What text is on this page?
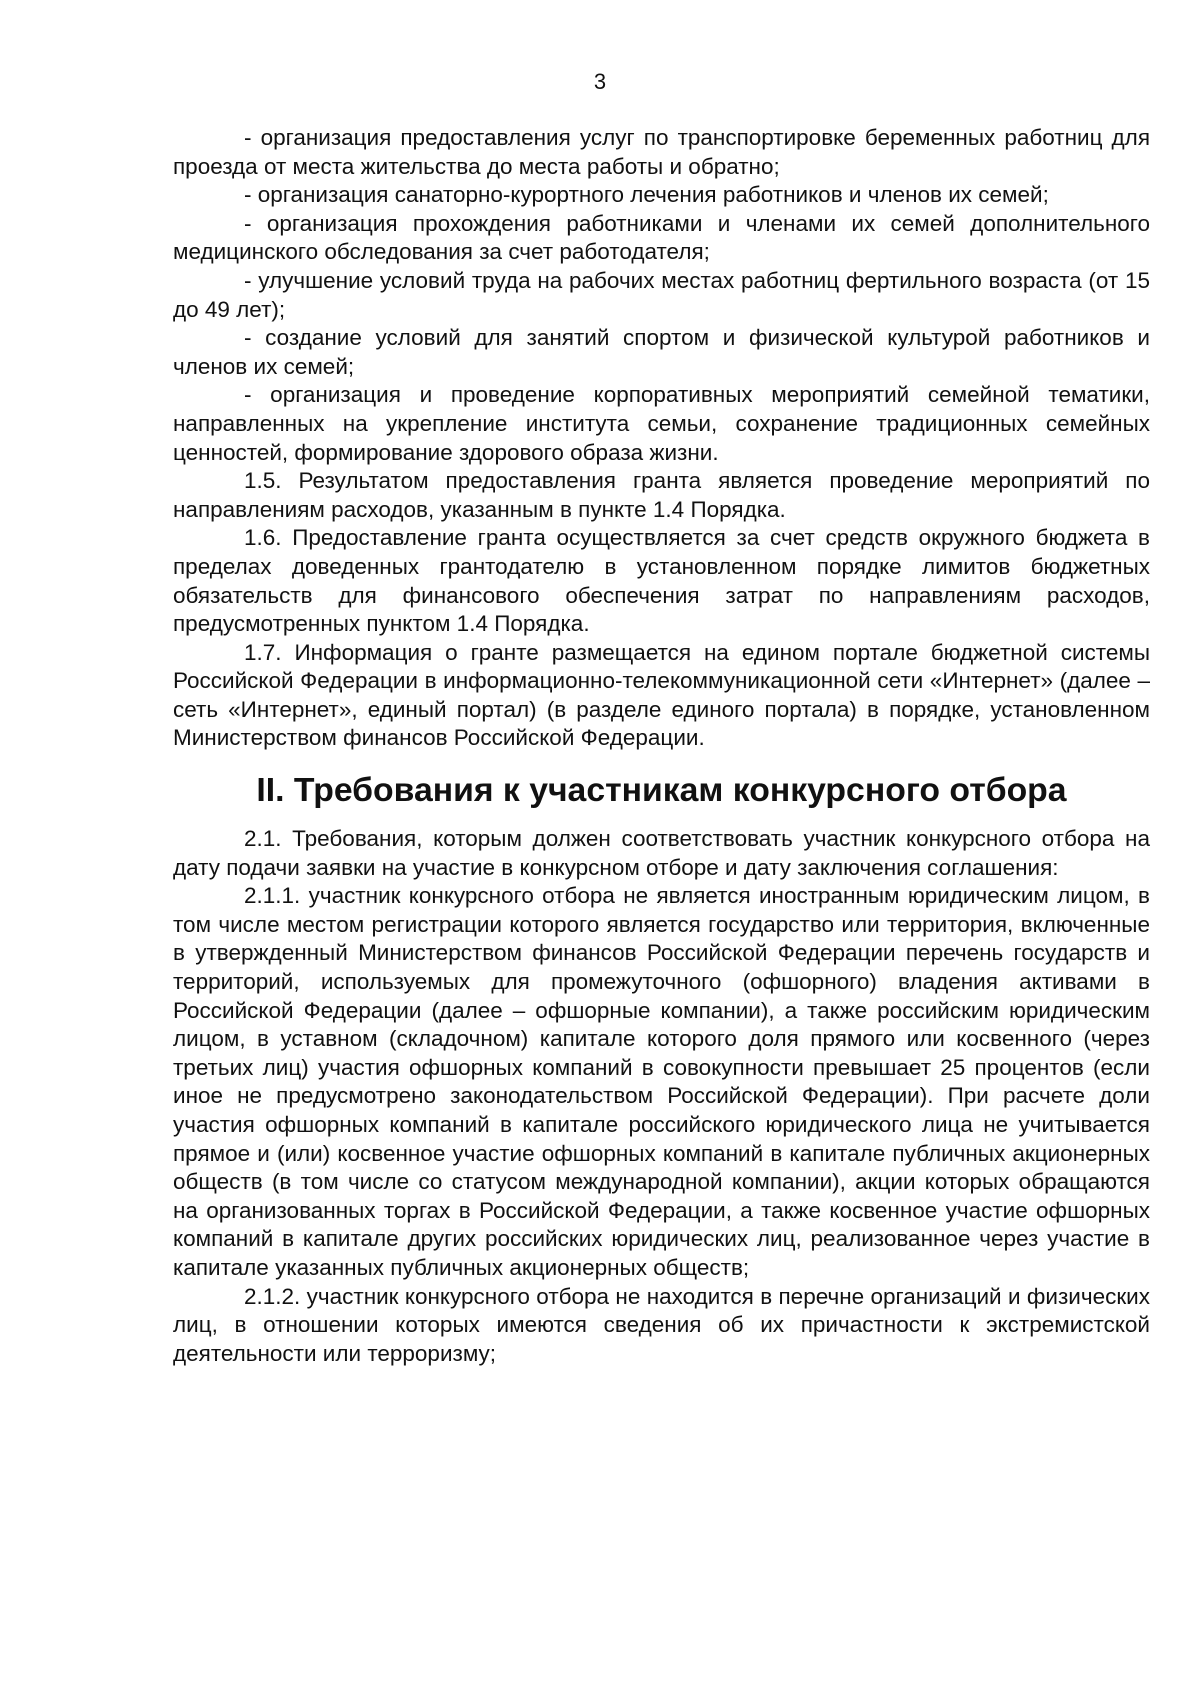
3

- организация предоставления услуг по транспортировке беременных работниц для проезда от места жительства до места работы и обратно;

- организация санаторно-курортного лечения работников и членов их семей;

- организация прохождения работниками и членами их семей дополнительного медицинского обследования за счет работодателя;

- улучшение условий труда на рабочих местах работниц фертильного возраста (от 15 до 49 лет);

- создание условий для занятий спортом и физической культурой работников и членов их семей;

- организация и проведение корпоративных мероприятий семейной тематики, направленных на укрепление института семьи, сохранение традиционных семейных ценностей, формирование здорового образа жизни.

1.5. Результатом предоставления гранта является проведение мероприятий по направлениям расходов, указанным в пункте 1.4 Порядка.

1.6. Предоставление гранта осуществляется за счет средств окружного бюджета в пределах доведенных грантодателю в установленном порядке лимитов бюджетных обязательств для финансового обеспечения затрат по направлениям расходов, предусмотренных пунктом 1.4 Порядка.

1.7. Информация о гранте размещается на едином портале бюджетной системы Российской Федерации в информационно-телекоммуникационной сети «Интернет» (далее – сеть «Интернет», единый портал) (в разделе единого портала) в порядке, установленном Министерством финансов Российской Федерации.

II. Требования к участникам конкурсного отбора

2.1. Требования, которым должен соответствовать участник конкурсного отбора на дату подачи заявки на участие в конкурсном отборе и дату заключения соглашения:

2.1.1. участник конкурсного отбора не является иностранным юридическим лицом, в том числе местом регистрации которого является государство или территория, включенные в утвержденный Министерством финансов Российской Федерации перечень государств и территорий, используемых для промежуточного (офшорного) владения активами в Российской Федерации (далее – офшорные компании), а также российским юридическим лицом, в уставном (складочном) капитале которого доля прямого или косвенного (через третьих лиц) участия офшорных компаний в совокупности превышает 25 процентов (если иное не предусмотрено законодательством Российской Федерации). При расчете доли участия офшорных компаний в капитале российского юридического лица не учитывается прямое и (или) косвенное участие офшорных компаний в капитале публичных акционерных обществ (в том числе со статусом международной компании), акции которых обращаются на организованных торгах в Российской Федерации, а также косвенное участие офшорных компаний в капитале других российских юридических лиц, реализованное через участие в капитале указанных публичных акционерных обществ;

2.1.2. участник конкурсного отбора не находится в перечне организаций и физических лиц, в отношении которых имеются сведения об их причастности к экстремистской деятельности или терроризму;
